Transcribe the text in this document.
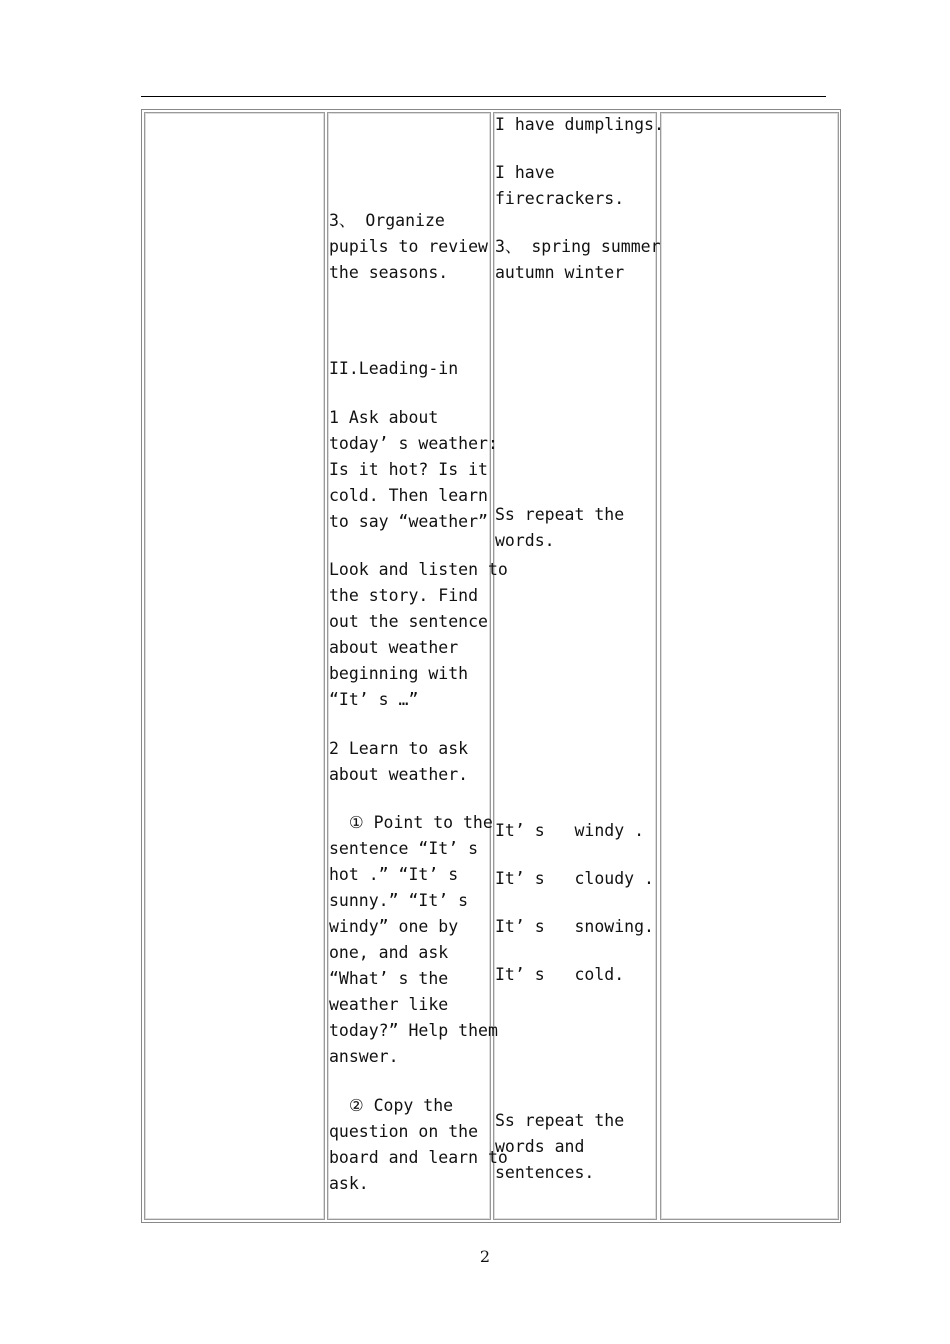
I have dumplings.

I have

firecrackers.

3、 Organize

pupils to review

the seasons.

3、 spring summer

autumn winter

II.Leading-in

1 Ask about

today’ s weather:

Is it hot? Is it

cold. Then learn

to say “weather” Ss repeat the

words.

Look and listen to

the story. Find

out the sentence

about weather

beginning with

“It’ s …”

2 Learn to ask

about weather.

① Point to the

sentence “It’ s

hot .” “It’ s

sunny.” “It’ s

windy” one by

one, and ask

“What’ s the

weather like

today?” Help them

answer.

It’ s   windy .

It’ s   cloudy .

It’ s   snowing.

It’ s   cold.

② Copy the

question on the

board and learn to

ask.

Ss repeat the

words and

sentences.

2
